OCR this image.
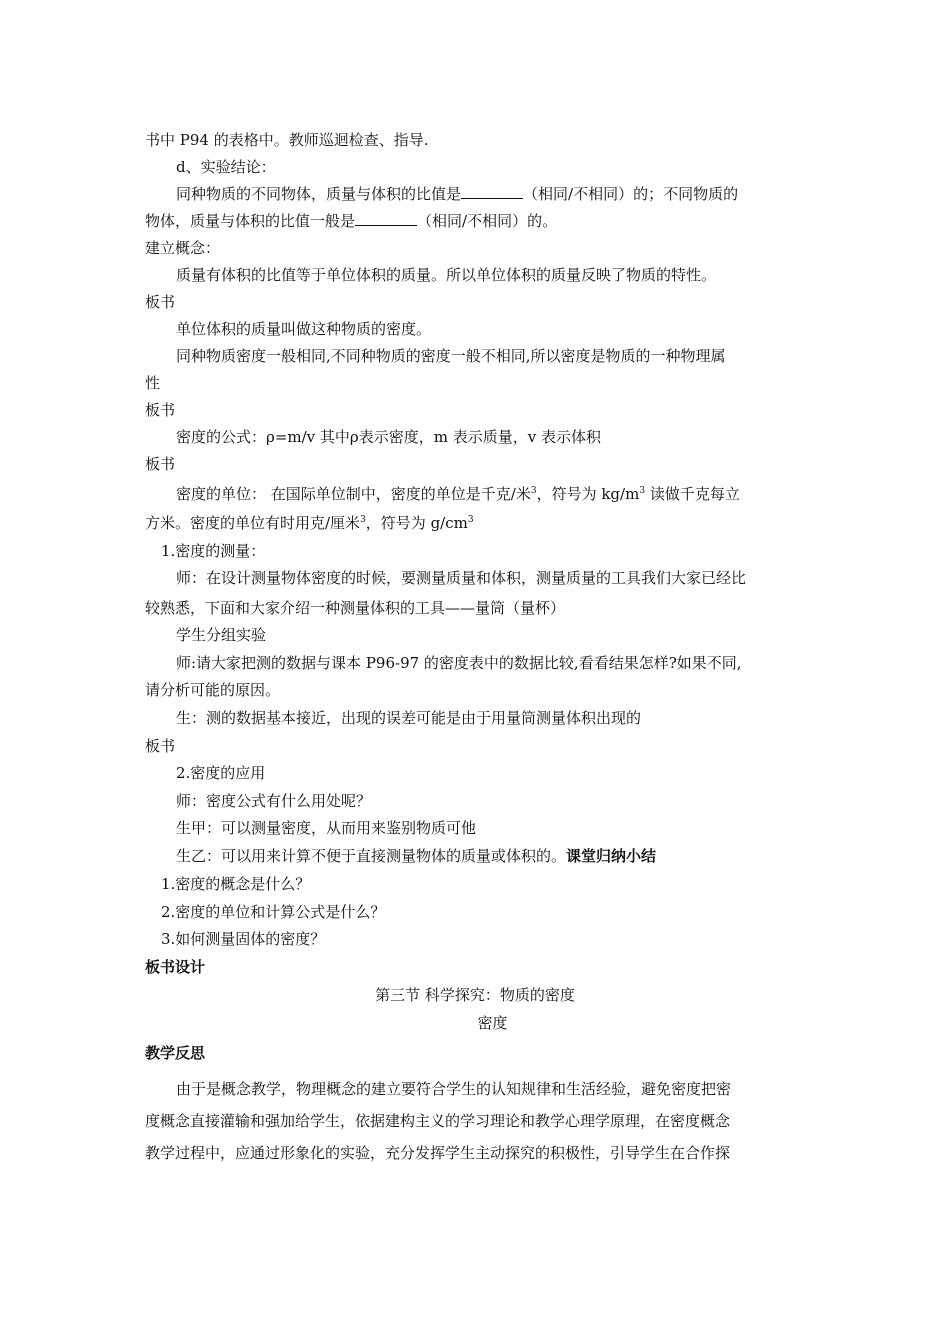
书中 P94 的表格中。教师巡迴检查、指导.
d、实验结论：
同种物质的不同物体，质量与体积的比值是	（相同/不相同）的；不同物质的
物体，质量与体积的比值一般是	（相同/不相同）的。
建立概念：
质量有体积的比值等于单位体积的质量。所以单位体积的质量反映了物质的特性。
板书
单位体积的质量叫做这种物质的密度。
同种物质密度一般相同,不同种物质的密度一般不相同,所以密度是物质的一种物理属
性
板书
密度的公式：ρ=m/v 其中ρ表示密度，m 表示质量，v 表示体积
板书
密度的单位： 在国际单位制中，密度的单位是千克/米$^3$，符号为 $kg/m^3$ 读做千克每立
方米。密度的单位有时用克/厘米$^3$，符号为 $g/cm^3$
1.密度的测量：
师：在设计测量物体密度的时候，要测量质量和体积，测量质量的工具我们大家已经比
较熟悉，下面和大家介绍一种测量体积的工具——量筒（量杯）
学生分组实验
师:请大家把测的数据与课本 P96-97 的密度表中的数据比较,看看结果怎样?如果不同,
请分析可能的原因。
生：测的数据基本接近，出现的误差可能是由于用量筒测量体积出现的
板书
2.密度的应用
师：密度公式有什么用处呢？
生甲：可以测量密度，从而用来鉴别物质可他
生乙：可以用来计算不便于直接测量物体的质量或体积的。课堂归纳小结
1.密度的概念是什么？
2.密度的单位和计算公式是什么？
3.如何测量固体的密度？
板书设计
第三节 科学探究：物质的密度
密度
教学反思
由于是概念教学，物理概念的建立要符合学生的认知规律和生活经验，避免密度把密
度概念直接灌输和强加给学生，依据建构主义的学习理论和教学心理学原理，在密度概念
教学过程中，应通过形象化的实验，充分发挥学生主动探究的积极性，引导学生在合作探
